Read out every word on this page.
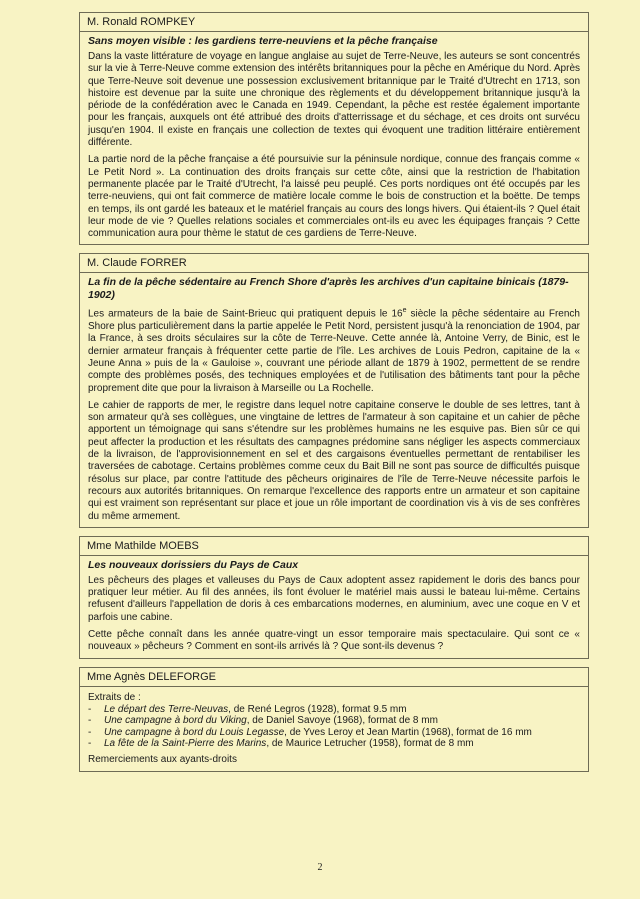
M. Ronald ROMPKEY
Sans moyen visible : les gardiens terre-neuviens et la pêche française

Dans la vaste littérature de voyage en langue anglaise au sujet de Terre-Neuve, les auteurs se sont concentrés sur la vie à Terre-Neuve comme extension des intérêts britanniques pour la pêche en Amérique du Nord. Après que Terre-Neuve soit devenue une possession exclusivement britannique par le Traité d'Utrecht en 1713, son histoire est devenue par la suite une chronique des règlements et du développement britannique jusqu'à la période de la confédération avec le Canada en 1949. Cependant, la pêche est restée également importante pour les français, auxquels ont été attribué des droits d'atterrissage et du séchage, et ces droits ont survécu jusqu'en 1904. Il existe en français une collection de textes qui évoquent une tradition littéraire entièrement différente.

La partie nord de la pêche française a été poursuivie sur la péninsule nordique, connue des français comme « Le Petit Nord ». La continuation des droits français sur cette côte, ainsi que la restriction de l'habitation permanente placée par le Traité d'Utrecht, l'a laissé peu peuplé. Ces ports nordiques ont été occupés par les terre-neuviens, qui ont fait commerce de matière locale comme le bois de construction et la boëtte. De temps en temps, ils ont gardé les bateaux et le matériel français au cours des longs hivers. Qui étaient-ils ? Quel était leur mode de vie ? Quelles relations sociales et commerciales ont-ils eu avec les équipages français ? Cette communication aura pour thème le statut de ces gardiens de Terre-Neuve.

M. Claude FORRER
La fin de la pêche sédentaire au French Shore d'après les archives d'un capitaine binicais (1879-1902)

Les armateurs de la baie de Saint-Brieuc qui pratiquent depuis le 16e siècle la pêche sédentaire au French Shore plus particulièrement dans la partie appelée le Petit Nord, persistent jusqu'à la renonciation de 1904, par la France, à ses droits séculaires sur la côte de Terre-Neuve. Cette année là, Antoine Verry, de Binic, est le dernier armateur français à fréquenter cette partie de l'île. Les archives de Louis Pedron, capitaine de la « Jeune Anna » puis de la « Gauloise », couvrant une période allant de 1879 à 1902, permettent de se rendre compte des problèmes posés, des techniques employées et de l'utilisation des bâtiments tant pour la pêche proprement dite que pour la livraison à Marseille ou La Rochelle.

Le cahier de rapports de mer, le registre dans lequel notre capitaine conserve le double de ses lettres, tant à son armateur qu'à ses collègues, une vingtaine de lettres de l'armateur à son capitaine et un cahier de pêche apportent un témoignage qui sans s'étendre sur les problèmes humains ne les esquive pas. Bien sûr ce qui peut affecter la production et les résultats des campagnes prédomine sans négliger les aspects commerciaux de la livraison, de l'approvisionnement en sel et des cargaisons éventuelles permettant de rentabiliser les traversées de cabotage. Certains problèmes comme ceux du Bait Bill ne sont pas source de difficultés puisque résolus sur place, par contre l'attitude des pêcheurs originaires de l'île de Terre-Neuve nécessite parfois le recours aux autorités britanniques. On remarque l'excellence des rapports entre un armateur et son capitaine qui est vraiment son représentant sur place et joue un rôle important de coordination vis à vis de ses confrères du même armement.

Mme Mathilde MOEBS
Les nouveaux dorissiers du Pays de Caux

Les pêcheurs des plages et valleuses du Pays de Caux adoptent assez rapidement le doris des bancs pour pratiquer leur métier. Au fil des années, ils font évoluer le matériel mais aussi le bateau lui-même. Certains refusent d'ailleurs l'appellation de doris à ces embarcations modernes, en aluminium, avec une coque en V et parfois une cabine.

Cette pêche connaît dans les année quatre-vingt un essor temporaire mais spectaculaire. Qui sont ce « nouveaux » pêcheurs ? Comment en sont-ils arrivés là ? Que sont-ils devenus ?

Mme Agnès DELEFORGE

Extraits de :

-	Le départ des Terre-Neuvas, de René Legros (1928), format 9.5 mm
-	Une campagne à bord du Viking, de Daniel Savoye (1968), format de 8 mm
-	Une campagne à bord du Louis Legasse, de Yves Leroy et Jean Martin (1968), format de 16 mm
-	La fête de la Saint-Pierre des Marins, de Maurice Letrucher (1958), format de 8 mm

Remerciements aux ayants-droits

2
